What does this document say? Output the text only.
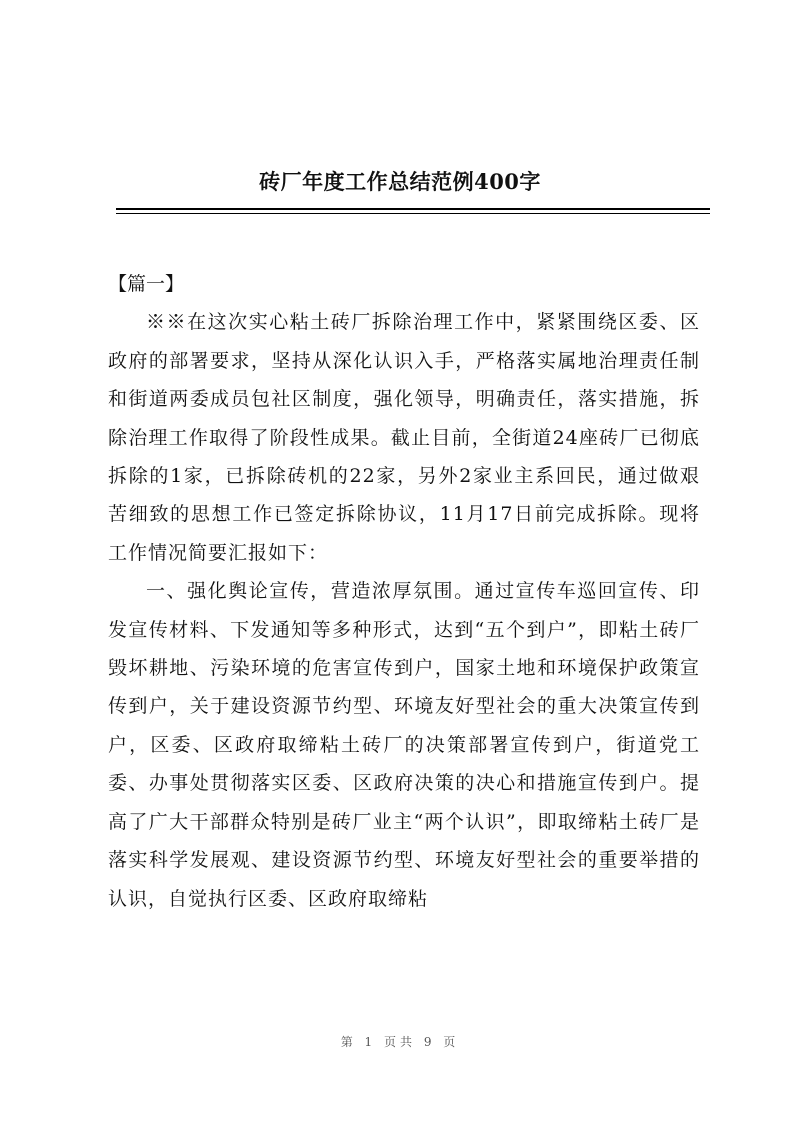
砖厂年度工作总结范例400字

【篇一】

※※在这次实心粘土砖厂拆除治理工作中，紧紧围绕区委、区政府的部署要求，坚持从深化认识入手，严格落实属地治理责任制和街道两委成员包社区制度，强化领导，明确责任，落实措施，拆除治理工作取得了阶段性成果。截止目前，全街道24座砖厂已彻底拆除的1家，已拆除砖机的22家，另外2家业主系回民，通过做艰苦细致的思想工作已签定拆除协议，11月17日前完成拆除。现将工作情况简要汇报如下：

一、强化舆论宣传，营造浓厚氛围。通过宣传车巡回宣传、印发宣传材料、下发通知等多种形式，达到“五个到户”，即粘土砖厂毁坏耕地、污染环境的危害宣传到户，国家土地和环境保护政策宣传到户，关于建设资源节约型、环境友好型社会的重大决策宣传到户，区委、区政府取缔粘土砖厂的决策部署宣传到户，街道党工委、办事处贯彻落实区委、区政府决策的决心和措施宣传到户。提高了广大干部群众特别是砖厂业主“两个认识”，即取缔粘土砖厂是落实科学发展观、建设资源节约型、环境友好型社会的重要举措的认识，自觉执行区委、区政府取缔粘

第 1 页共 9 页
